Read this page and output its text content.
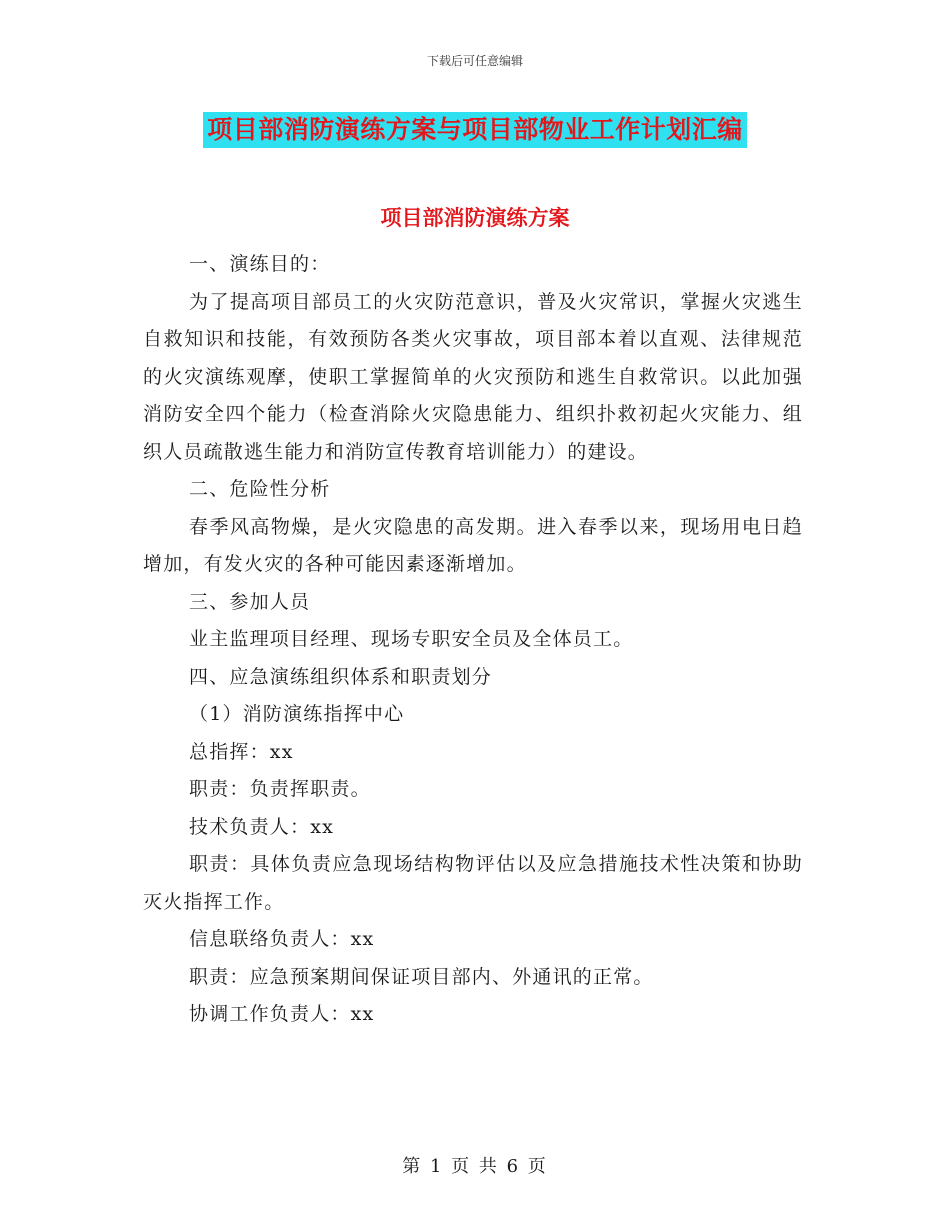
下载后可任意编辑
项目部消防演练方案与项目部物业工作计划汇编
项目部消防演练方案

一、演练目的：

为了提高项目部员工的火灾防范意识，普及火灾常识，掌握火灾逃生自救知识和技能，有效预防各类火灾事故，项目部本着以直观、法律规范的火灾演练观摩，使职工掌握简单的火灾预防和逃生自救常识。以此加强消防安全四个能力（检查消除火灾隐患能力、组织扑救初起火灾能力、组织人员疏散逃生能力和消防宣传教育培训能力）的建设。

二、危险性分析

春季风高物燥，是火灾隐患的高发期。进入春季以来，现场用电日趋增加，有发火灾的各种可能因素逐渐增加。

三、参加人员

业主监理项目经理、现场专职安全员及全体员工。

四、应急演练组织体系和职责划分

（1）消防演练指挥中心

总指挥：xx

职责：负责挥职责。

技术负责人：xx

职责：具体负责应急现场结构物评估以及应急措施技术性决策和协助灭火指挥工作。

信息联络负责人：xx

职责：应急预案期间保证项目部内、外通讯的正常。

协调工作负责人：xx

第 1 页 共 6 页
